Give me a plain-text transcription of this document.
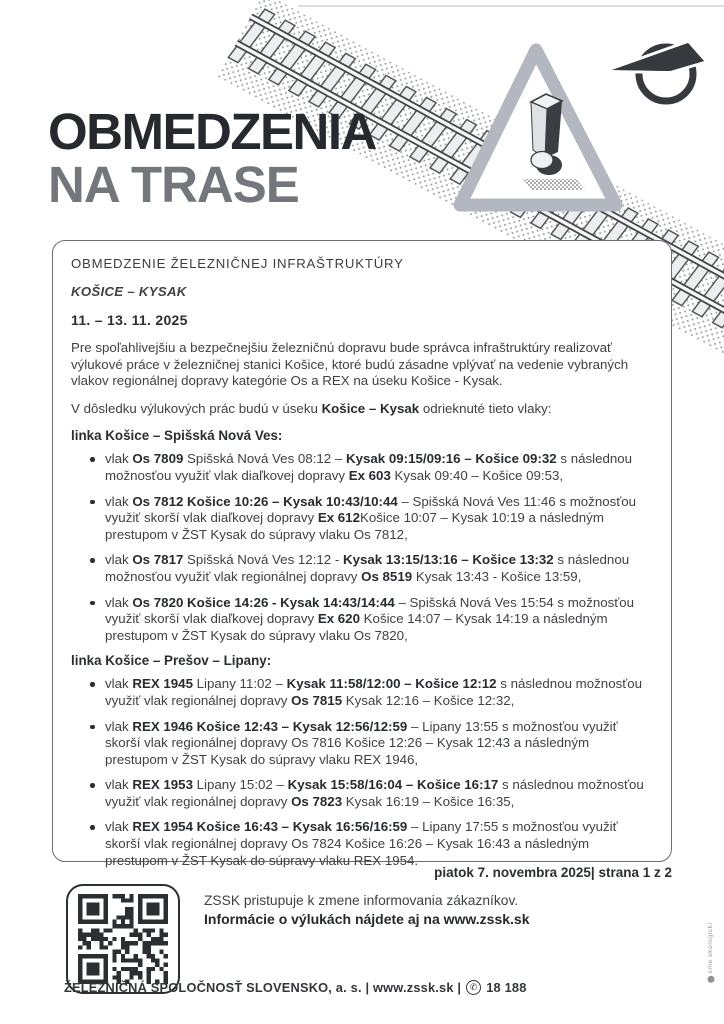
OBMEDZENIA
NA TRASE
OBMEDZENIE ŽELEZNIČNEJ INFRAŠTRUKTÚRY
KOŠICE – KYSAK
11. – 13. 11. 2025

Pre spoľahlivejšiu a bezpečnejšiu železničnú dopravu bude správca infraštruktúry realizovať výlukové práce v železničnej stanici Košice, ktoré budú zásadne vplývať na vedenie vybraných vlakov regionálnej dopravy kategórie Os a REX na úseku Košice - Kysak.

V dôsledku výlukových prác budú v úseku Košice – Kysak odrieknuté tieto vlaky:

linka Košice – Spišská Nová Ves:
vlak Os 7809 Spišská Nová Ves 08:12 – Kysak 09:15/09:16 – Košice 09:32 s následnou možnosťou využiť vlak diaľkovej dopravy Ex 603 Kysak 09:40 – Košice 09:53,
vlak Os 7812 Košice 10:26 – Kysak 10:43/10:44 – Spišská Nová Ves 11:46 s možnosťou využiť skorší vlak diaľkovej dopravy Ex 612Košice 10:07 – Kysak 10:19 a následným prestupom v ŽST Kysak do súpravy vlaku Os 7812,
vlak Os 7817 Spišská Nová Ves 12:12 - Kysak 13:15/13:16 – Košice 13:32 s následnou možnosťou využiť vlak regionálnej dopravy Os 8519 Kysak 13:43 - Košice 13:59,
vlak Os 7820 Košice 14:26 - Kysak 14:43/14:44 – Spišská Nová Ves 15:54 s možnosťou využiť skorší vlak diaľkovej dopravy Ex 620 Košice 14:07 – Kysak 14:19 a následným prestupom v ŽST Kysak do súpravy vlaku Os 7820,
linka Košice – Prešov – Lipany:
vlak REX 1945 Lipany 11:02 – Kysak 11:58/12:00 – Košice 12:12 s následnou možnosťou využiť vlak regionálnej dopravy Os 7815 Kysak 12:16 – Košice 12:32,
vlak REX 1946 Košice 12:43 – Kysak 12:56/12:59 – Lipany 13:55 s možnosťou využiť skorší vlak regionálnej dopravy Os 7816 Košice 12:26 – Kysak 12:43 a následným prestupom v ŽST Kysak do súpravy vlaku REX 1946,
vlak REX 1953 Lipany 15:02 – Kysak 15:58/16:04 – Košice 16:17 s následnou možnosťou využiť vlak regionálnej dopravy Os 7823 Kysak 16:19 – Košice 16:35,
vlak REX 1954 Košice 16:43 – Kysak 16:56/16:59 – Lipany 17:55 s možnosťou využiť skorší vlak regionálnej dopravy Os 7824 Košice 16:26 – Kysak 16:43 a následným prestupom v ŽST Kysak do súpravy vlaku REX 1954.
piatok 7. novembra 2025| strana 1 z 2
ZSSK pristupuje k zmene informovania zákazníkov.
Informácie o výlukách nájdete aj na www.zssk.sk
ŽELEZNIČNÁ SPOLOČNOSŤ SLOVENSKO, a. s. | www.zssk.sk | ✆ 18 188
sme ekologickí
